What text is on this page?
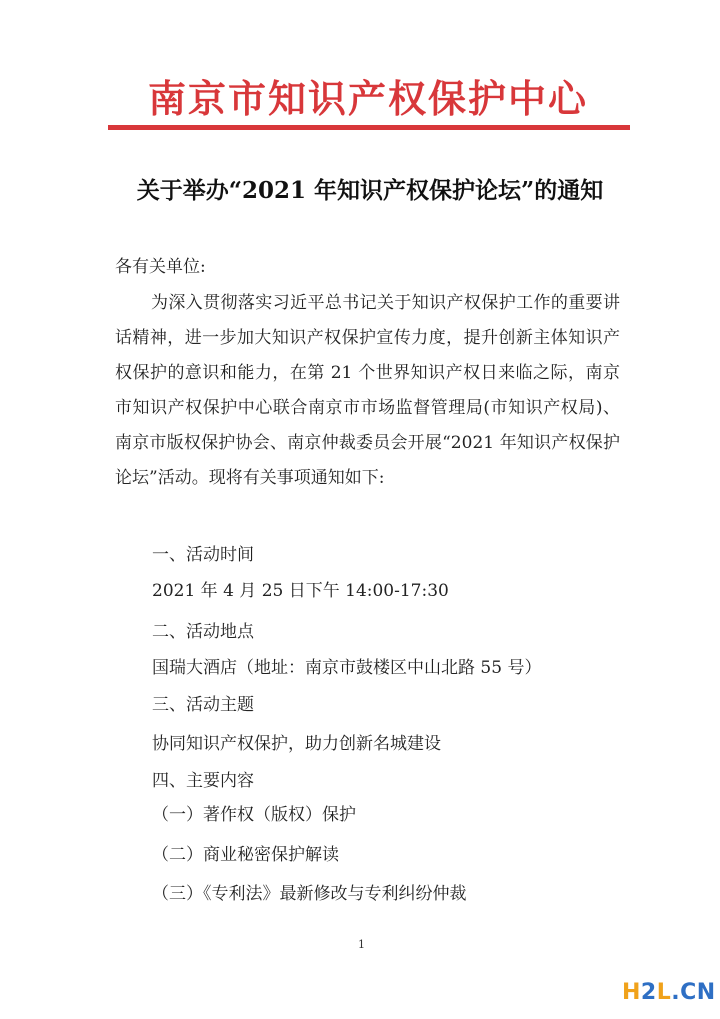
南京市知识产权保护中心
关于举办“2021 年知识产权保护论坛”的通知
各有关单位:
为深入贯彻落实习近平总书记关于知识产权保护工作的重要讲话精神，进一步加大知识产权保护宣传力度，提升创新主体知识产权保护的意识和能力，在第 21 个世界知识产权日来临之际，南京市知识产权保护中心联合南京市市场监督管理局(市知识产权局)、南京市版权保护协会、南京仲裁委员会开展“2021 年知识产权保护论坛”活动。现将有关事项通知如下:
一、活动时间
2021 年 4 月 25 日下午 14:00-17:30
二、活动地点
国瑞大酒店（地址：南京市鼓楼区中山北路 55 号）
三、活动主题
协同知识产权保护，助力创新名城建设
四、主要内容
（一）著作权（版权）保护
（二）商业秘密保护解读
（三）《专利法》最新修改与专利纠纷仲裁
1
H2L.CN
